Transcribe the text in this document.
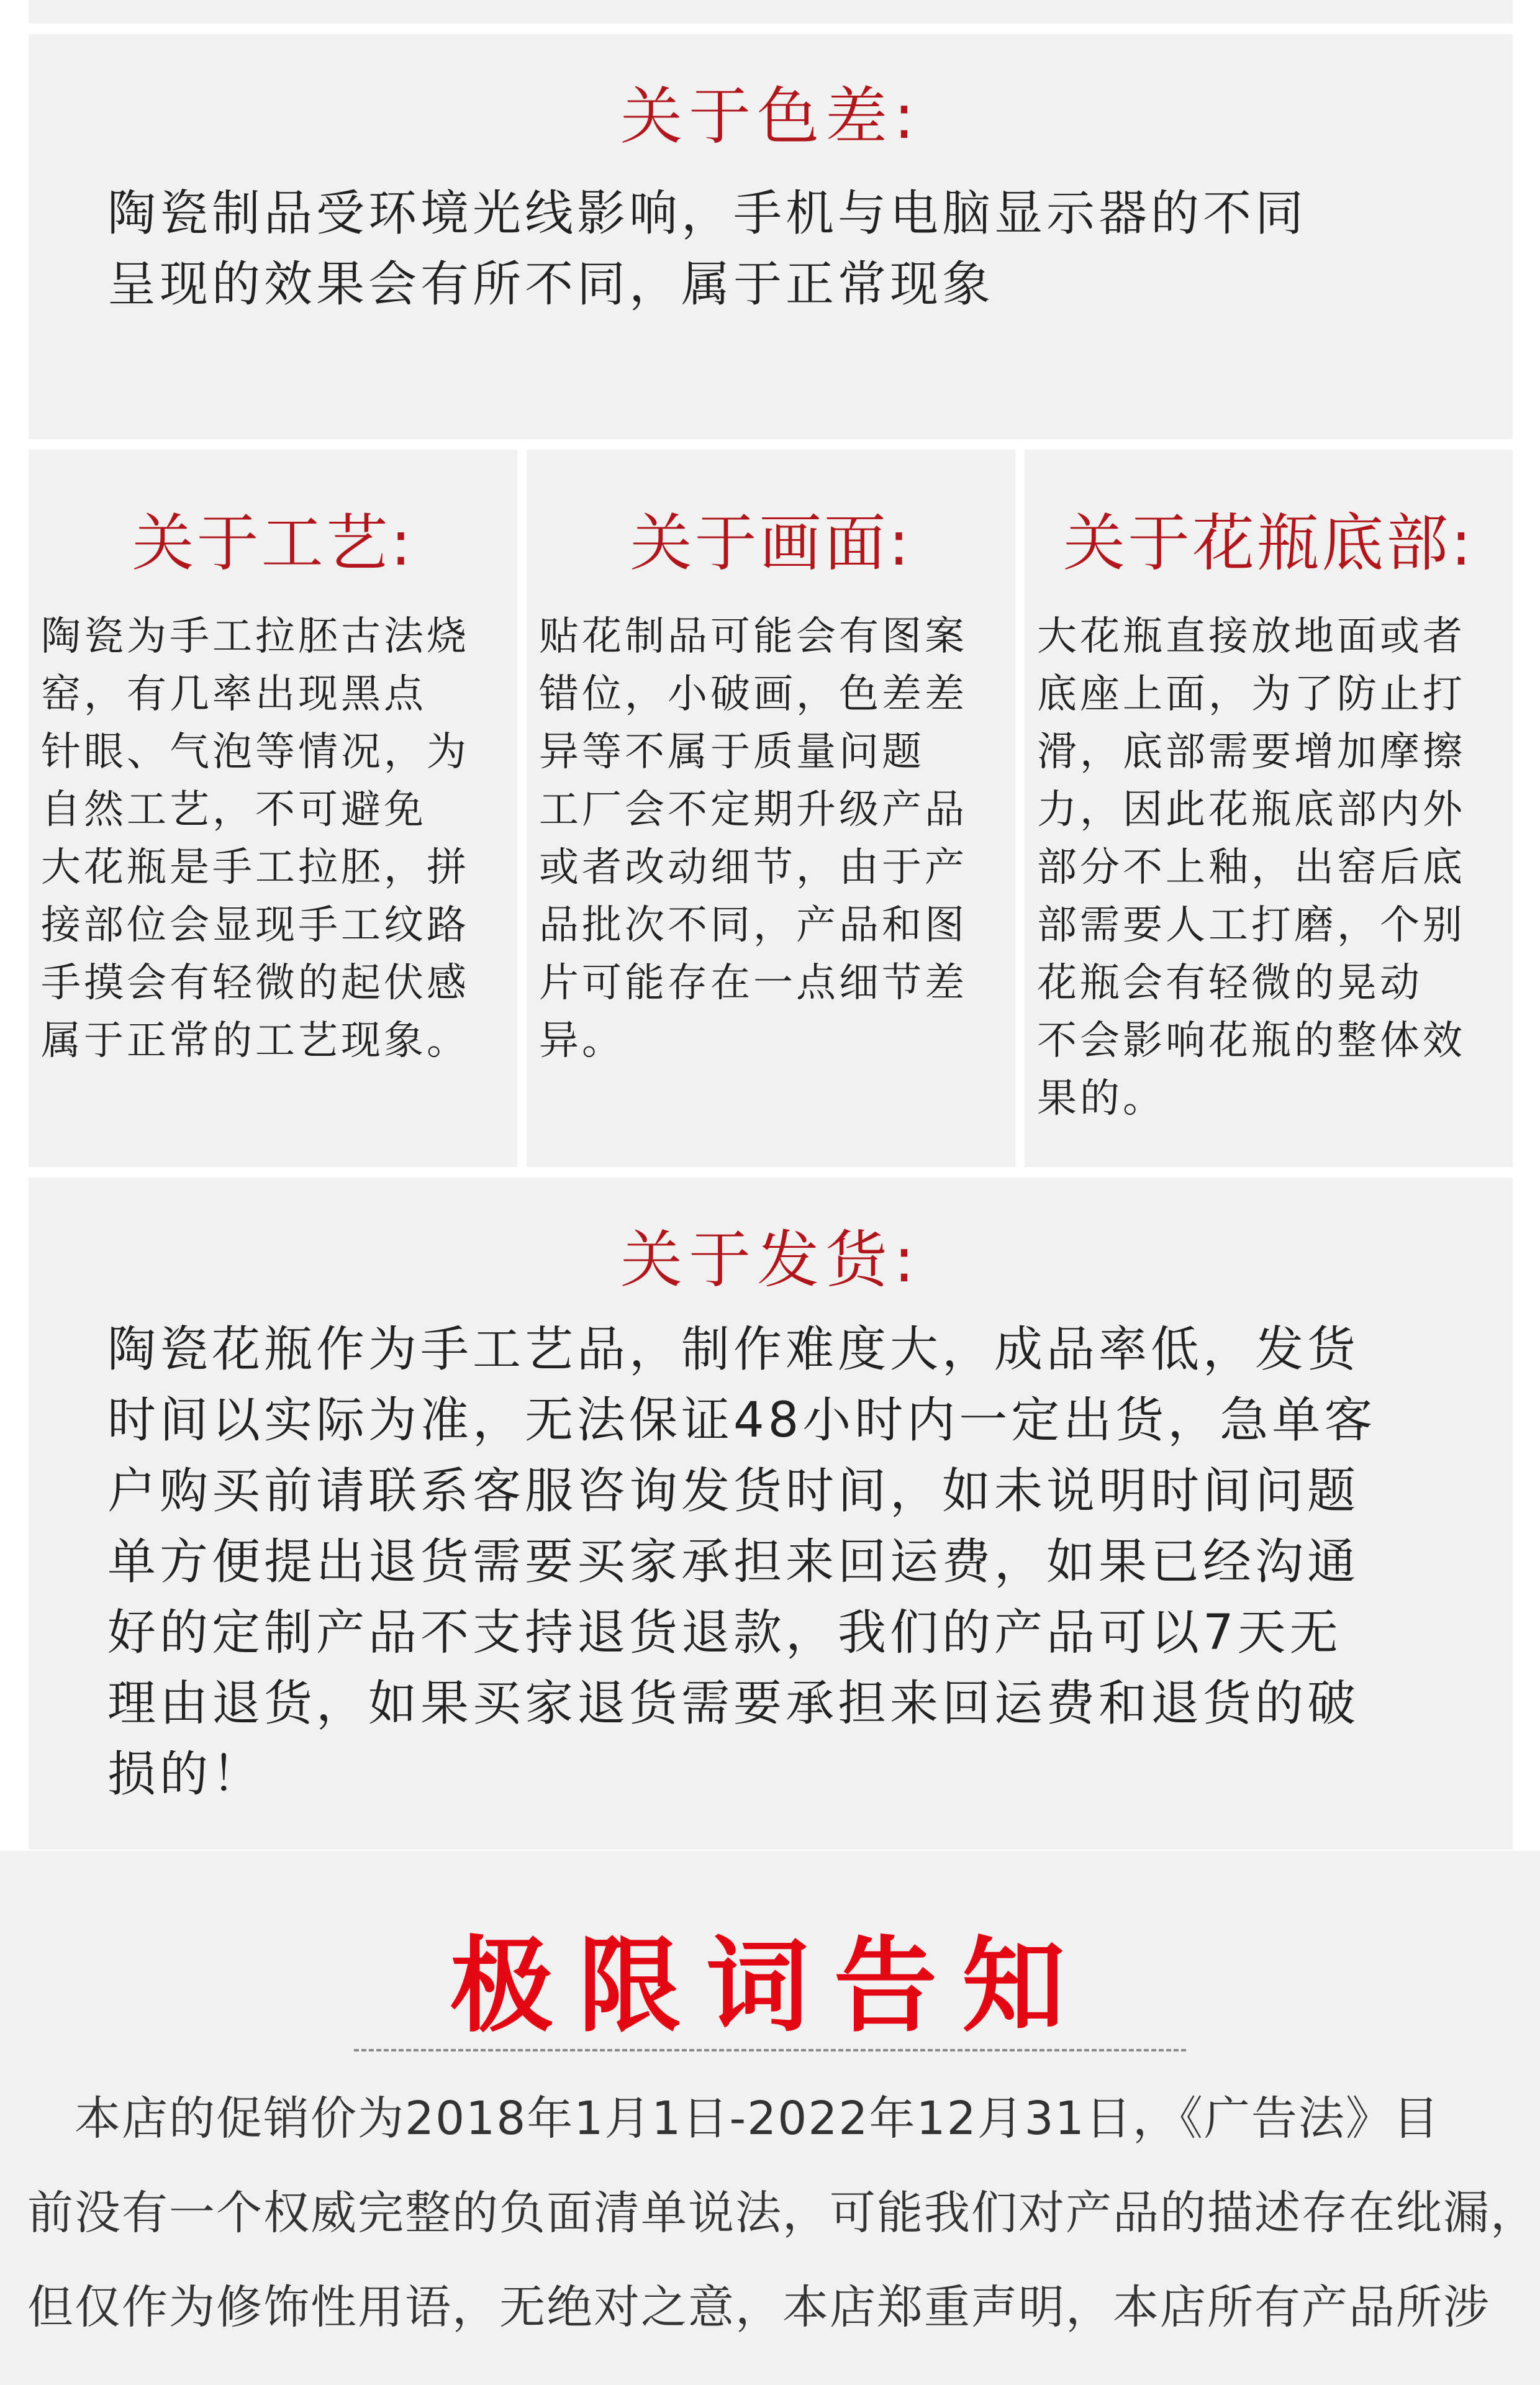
关于色差:
陶瓷制品受环境光线影响，手机与电脑显示器的不同
呈现的效果会有所不同，属于正常现象
关于工艺:
陶瓷为手工拉胚古法烧
窑，有几率出现黑点
针眼、气泡等情况，为
自然工艺，不可避免
大花瓶是手工拉胚，拼
接部位会显现手工纹路
手摸会有轻微的起伏感
属于正常的工艺现象。
关于画面:
贴花制品可能会有图案
错位，小破画，色差差
异等不属于质量问题
工厂会不定期升级产品
或者改动细节，由于产
品批次不同，产品和图
片可能存在一点细节差
异。
关于花瓶底部:
大花瓶直接放地面或者
底座上面，为了防止打
滑，底部需要增加摩擦
力，因此花瓶底部内外
部分不上釉，出窑后底
部需要人工打磨，个别
花瓶会有轻微的晃动
不会影响花瓶的整体效
果的。
关于发货:
陶瓷花瓶作为手工艺品，制作难度大，成品率低，发货
时间以实际为准，无法保证48小时内一定出货，急单客
户购买前请联系客服咨询发货时间，如未说明时间问题
单方便提出退货需要买家承担来回运费，如果已经沟通
好的定制产品不支持退货退款，我们的产品可以7天无
理由退货，如果买家退货需要承担来回运费和退货的破
损的！
极限词告知
　本店的促销价为2018年1月1日-2022年12月31日，《广告法》目
前没有一个权威完整的负面清单说法，可能我们对产品的描述存在纰漏，
但仅作为修饰性用语，无绝对之意，本店郑重声明，本店所有产品所涉
